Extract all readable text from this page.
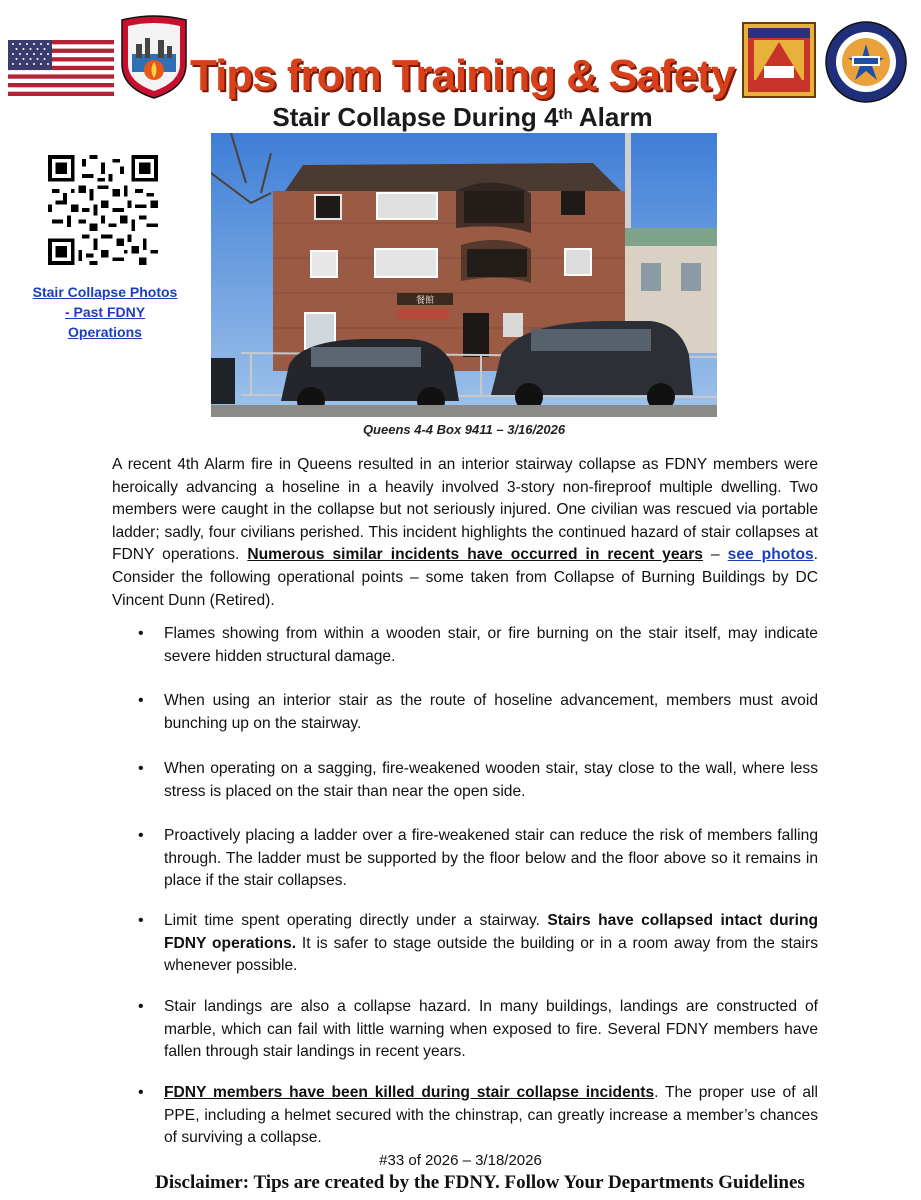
Tips from Training & Safety
Stair Collapse During 4th Alarm
Stair Collapse Photos - Past FDNY Operations
餐館
Queens 4-4 Box 9411 – 3/16/2026
A recent 4th Alarm fire in Queens resulted in an interior stairway collapse as FDNY members were heroically advancing a hoseline in a heavily involved 3-story non-fireproof multiple dwelling. Two members were caught in the collapse but not seriously injured. One civilian was rescued via portable ladder; sadly, four civilians perished. This incident highlights the continued hazard of stair collapses at FDNY operations. Numerous similar incidents have occurred in recent years – see photos. Consider the following operational points – some taken from Collapse of Burning Buildings by DC Vincent Dunn (Retired).
• Flames showing from within a wooden stair, or fire burning on the stair itself, may indicate severe hidden structural damage.
• When using an interior stair as the route of hoseline advancement, members must avoid bunching up on the stairway.
• When operating on a sagging, fire-weakened wooden stair, stay close to the wall, where less stress is placed on the stair than near the open side.
• Proactively placing a ladder over a fire-weakened stair can reduce the risk of members falling through. The ladder must be supported by the floor below and the floor above so it remains in place if the stair collapses.
• Limit time spent operating directly under a stairway. Stairs have collapsed intact during FDNY operations. It is safer to stage outside the building or in a room away from the stairs whenever possible.
• Stair landings are also a collapse hazard. In many buildings, landings are constructed of marble, which can fail with little warning when exposed to fire. Several FDNY members have fallen through stair landings in recent years.
• FDNY members have been killed during stair collapse incidents. The proper use of all PPE, including a helmet secured with the chinstrap, can greatly increase a member’s chances of surviving a collapse.
#33 of 2026 – 3/18/2026
Disclaimer: Tips are created by the FDNY. Follow Your Departments Guidelines
